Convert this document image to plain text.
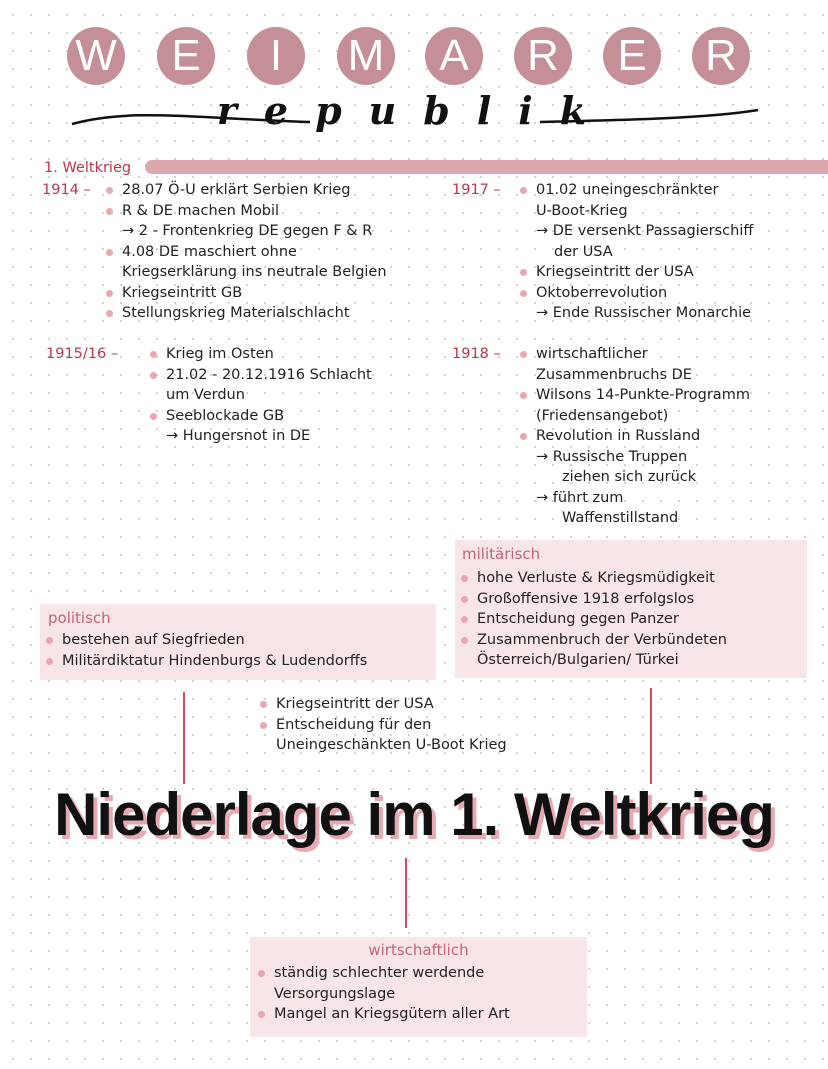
W	E	I	M	A	R	E	R
republik
1. Weltkrieg
1914 –	28.07 Ö-U erklärt Serbien Krieg
R & DE machen Mobil
→ 2 - Frontenkrieg DE gegen F & R
4.08 DE maschiert ohne
Kriegserklärung ins neutrale Belgien
Kriegseintritt GB
Stellungskrieg Materialschlacht
1915/16 –	Krieg im Osten
21.02 - 20.12.1916 Schlacht
um Verdun
Seeblockade GB
→ Hungersnot in DE
1917 –	01.02 uneingeschränkter
U-Boot-Krieg
→ DE versenkt Passagierschiff
der USA
Kriegseintritt der USA
Oktoberrevolution
→ Ende Russischer Monarchie
1918 –	wirtschaftlicher
Zusammenbruchs DE
Wilsons 14-Punkte-Programm
(Friedensangebot)
Revolution in Russland
→ Russische Truppen
ziehen sich zurück
→ führt zum
Waffenstillstand
militärisch
hohe Verluste & Kriegsmüdigkeit
Großoffensive 1918 erfolgslos
Entscheidung gegen Panzer
Zusammenbruch der Verbündeten
Österreich/Bulgarien/ Türkei
politisch
bestehen auf Siegfrieden
Militärdiktatur Hindenburgs & Ludendorffs
Kriegseintritt der USA
Entscheidung für den
Uneingeschänkten U-Boot Krieg
Niederlage im 1. Weltkrieg
wirtschaftlich
ständig schlechter werdende
Versorgungslage
Mangel an Kriegsgütern aller Art
